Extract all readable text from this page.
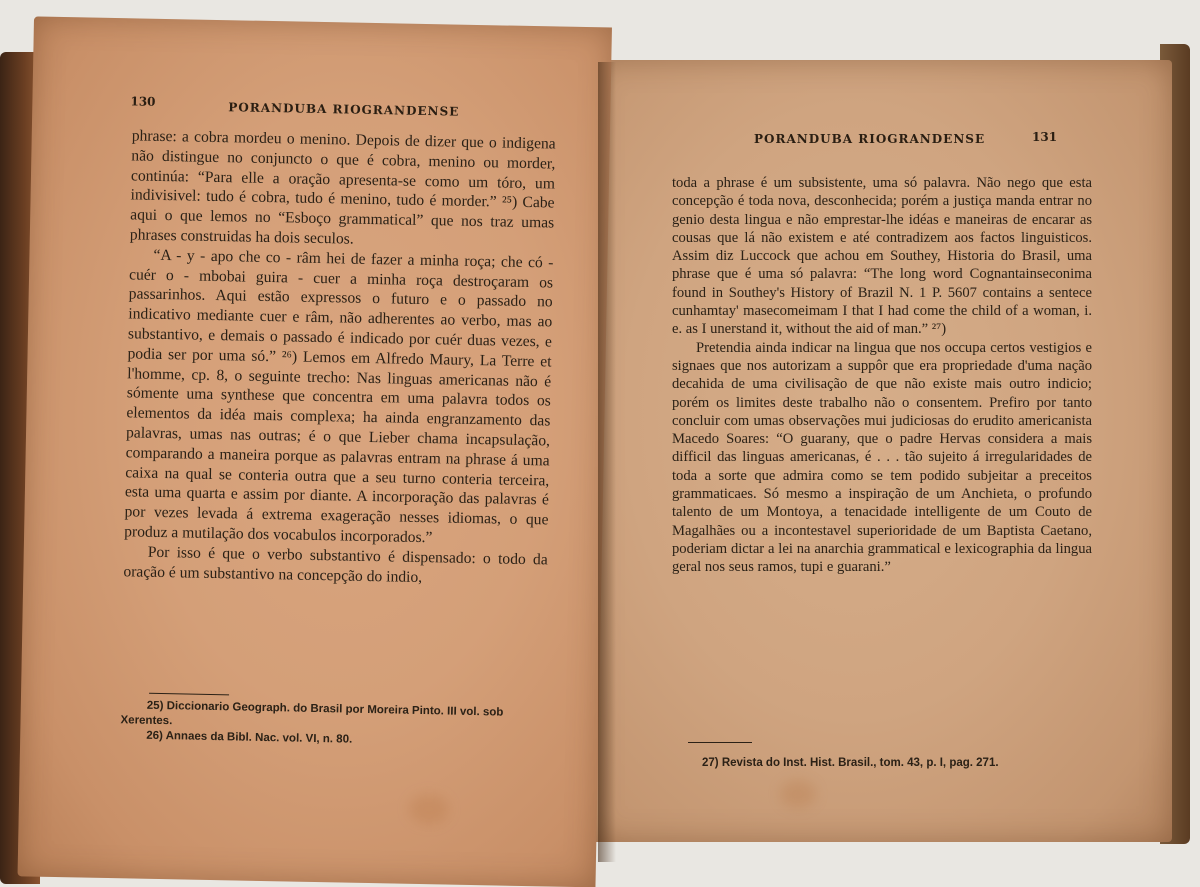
PORANDUBA RIOGRANDENSE	131

toda a phrase é um subsistente, uma só palavra. Não nego que esta concepção é toda nova, desconhecida; porém a justiça manda entrar no genio desta lingua e não emprestar-lhe idéas e maneiras de encarar as cousas que lá não existem e até contradizem aos factos linguisticos. Assim diz Luccock que achou em Southey, Historia do Brasil, uma phrase que é uma só palavra: “The long word Cognantainseconima found in Southey's History of Brazil N. 1 P. 5607 contains a sentece cunhamtay' masecomeimam I that I had come the child of a woman, i. e. as I unerstand it, without the aid of man.” ²⁷)

Pretendia ainda indicar na lingua que nos occupa certos vestigios e signaes que nos autorizam a suppôr que era propriedade d'uma nação decahida de uma civilisação de que não existe mais outro indicio; porém os limites deste trabalho não o consentem. Prefiro por tanto concluir com umas observações mui judiciosas do erudito americanista Macedo Soares: “O guarany, que o padre Hervas considera a mais difficil das linguas americanas, é . . . tão sujeito á irregularidades de toda a sorte que admira como se tem podido subjeitar a preceitos grammaticaes. Só mesmo a inspiração de um Anchieta, o profundo talento de um Montoya, a tenacidade intelligente de um Couto de Magalhães ou a incontestavel superioridade de um Baptista Caetano, poderiam dictar a lei na anarchia grammatical e lexicographia da lingua geral nos seus ramos, tupi e guarani.”

27) Revista do Inst. Hist. Brasil., tom. 43, p. I, pag. 271.
130	PORANDUBA RIOGRANDENSE

phrase: a cobra mordeu o menino. Depois de dizer que o indigena não distingue no conjuncto o que é cobra, menino ou morder, continúa: “Para elle a oração apresenta-se como um tóro, um indivisivel: tudo é cobra, tudo é menino, tudo é morder.” ²⁵) Cabe aqui o que lemos no “Esboço grammatical” que nos traz umas phrases construidas ha dois seculos.

“A - y - apo che co - râm hei de fazer a minha roça; che có - cuér o - mbobai guira - cuer a minha roça destroçaram os passarinhos. Aqui estão expressos o futuro e o passado no indicativo mediante cuer e râm, não adherentes ao verbo, mas ao substantivo, e demais o passado é indicado por cuér duas vezes, e podia ser por uma só.” ²⁶) Lemos em Alfredo Maury, La Terre et l'homme, cp. 8, o seguinte trecho: Nas linguas americanas não é sómente uma synthese que concentra em uma palavra todos os elementos da idéa mais complexa; ha ainda engranzamento das palavras, umas nas outras; é o que Lieber chama incapsulação, comparando a maneira porque as palavras entram na phrase á uma caixa na qual se conteria outra que a seu turno conteria terceira, esta uma quarta e assim por diante. A incorporação das palavras é por vezes levada á extrema exageração nesses idiomas, o que produz a mutilação dos vocabulos incorporados.”

Por isso é que o verbo substantivo é dispensado: o todo da oração é um substantivo na concepção do indio,

25) Diccionario Geograph. do Brasil por Moreira Pinto. III vol. sob Xerentes.
26) Annaes da Bibl. Nac. vol. VI, n. 80.
